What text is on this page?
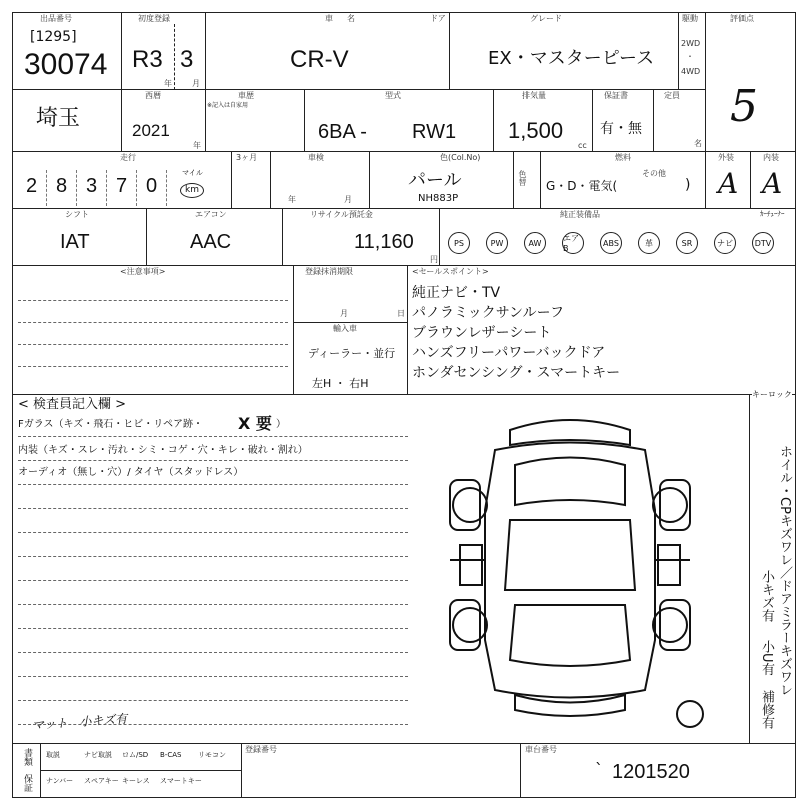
出品番号
[1295]
30074
初度登録
R3 3
年	月
車名
CR-V
ドア	グレード
EX・マスターピース
駆動
2WD
・
4WD
評価点
5
埼玉
西暦
2021
年
車歴
※記入は自家用
型式
6BA - RW1
排気量
1,500
cc
保証書
有・無
定員
名
走行
マイル
km
3ヶ月	車検
年	月
色(Col.No)
パール
NH883P
色替
燃料
G・D・電気(
その他
)
外装
A
内装
A
シフト
IAT
エアコン
AAC
リサイクル預託金
11,160
円
純正装備品	ｶｰﾁｭｰﾅｰ
<注意事項>	登録抹消期限
月	日
輸入車
ディーラー・並行
左H ・ 右H
<セールスポイント>
< 検査員記入欄 >
Fガラス（キズ・飛石・ヒビ・リペア跡・ X 要 ）
内装（キズ・スレ・汚れ・シミ・コゲ・穴・キレ・破れ・割れ）
オーディオ（無し・穴）/ タイヤ（スタッドレス）
マット　小キズ有
キーロック
書類
保証
登録番号	車台番号
` 1201520
2 8 3 7 0
PS	PW	AW	エアB
ABS	革	SR	ナビ	DTV
純正ナビ・TV
パノラミックサンルーフ
ブラウンレザーシート
ハンズフリーパワーバックドア
ホンダセンシング・スマートキー
ホイル・CPキズワレ／ドアミラーキズワレ
小キズ有
小U有
補修有
取説	ナビ取説 ロム/SD B-CAS リモコン
ナンバー スペアキー キーレス スマートキー
